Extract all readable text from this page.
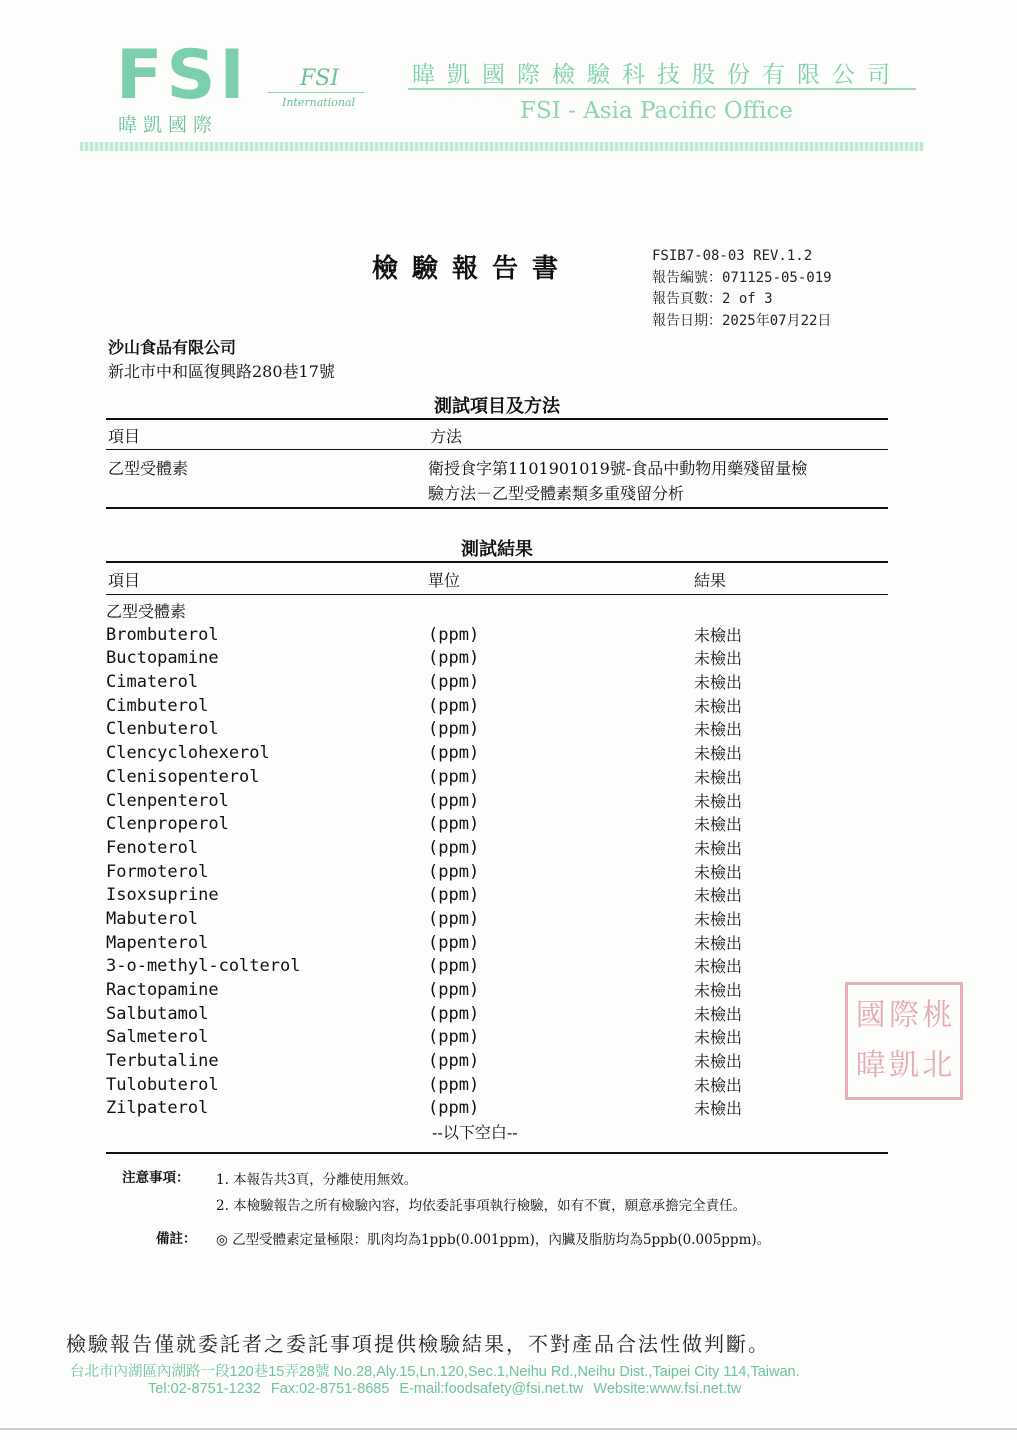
FSI
暐凱國際
FSI
International
暐凱國際檢驗科技股份有限公司
FSI - Asia Pacific Office
檢驗報告書	FSIB7-08-03 REV.1.2
報告編號：071125-05-019
報告頁數：2 of 3
報告日期：2025年07月22日
沙山食品有限公司
新北市中和區復興路280巷17號
測試項目及方法
項目	方法
乙型受體素	衛授食字第1101901019號-食品中動物用藥殘留量檢
驗方法－乙型受體素類多重殘留分析
測試結果
項目	單位	結果
乙型受體素
Brombuterol	(ppm)	未檢出
Buctopamine	(ppm)	未檢出
Cimaterol	(ppm)	未檢出
Cimbuterol	(ppm)	未檢出
Clenbuterol	(ppm)	未檢出
Clencyclohexerol	(ppm)	未檢出
Clenisopenterol	(ppm)	未檢出
Clenpenterol	(ppm)	未檢出
Clenproperol	(ppm)	未檢出
Fenoterol	(ppm)	未檢出
Formoterol	(ppm)	未檢出
Isoxsuprine	(ppm)	未檢出
Mabuterol	(ppm)	未檢出
Mapenterol	(ppm)	未檢出
3-o-methyl-colterol	(ppm)	未檢出
Ractopamine	(ppm)	未檢出
Salbutamol	(ppm)	未檢出
Salmeterol	(ppm)	未檢出
Terbutaline	(ppm)	未檢出
Tulobuterol	(ppm)	未檢出
Zilpaterol	(ppm)	未檢出
--以下空白--
國 際 桃
暐 凱 北
注意事項： 1. 本報告共3頁，分離使用無效。
2. 本檢驗報告之所有檢驗內容，均依委託事項執行檢驗，如有不實，願意承擔完全責任。
備註： ◎ 乙型受體素定量極限：肌肉均為1ppb(0.001ppm)，內臟及脂肪均為5ppb(0.005ppm)。
檢驗報告僅就委託者之委託事項提供檢驗結果，不對產品合法性做判斷。
台北市內湖區內湖路一段120巷15弄28號 No.28,Aly.15,Ln.120,Sec.1,Neihu Rd.,Neihu Dist.,Taipei City 114,Taiwan.
Tel:02-8751-1232 Fax:02-8751-8685 E-mail:foodsafety@fsi.net.tw Website:www.fsi.net.tw
